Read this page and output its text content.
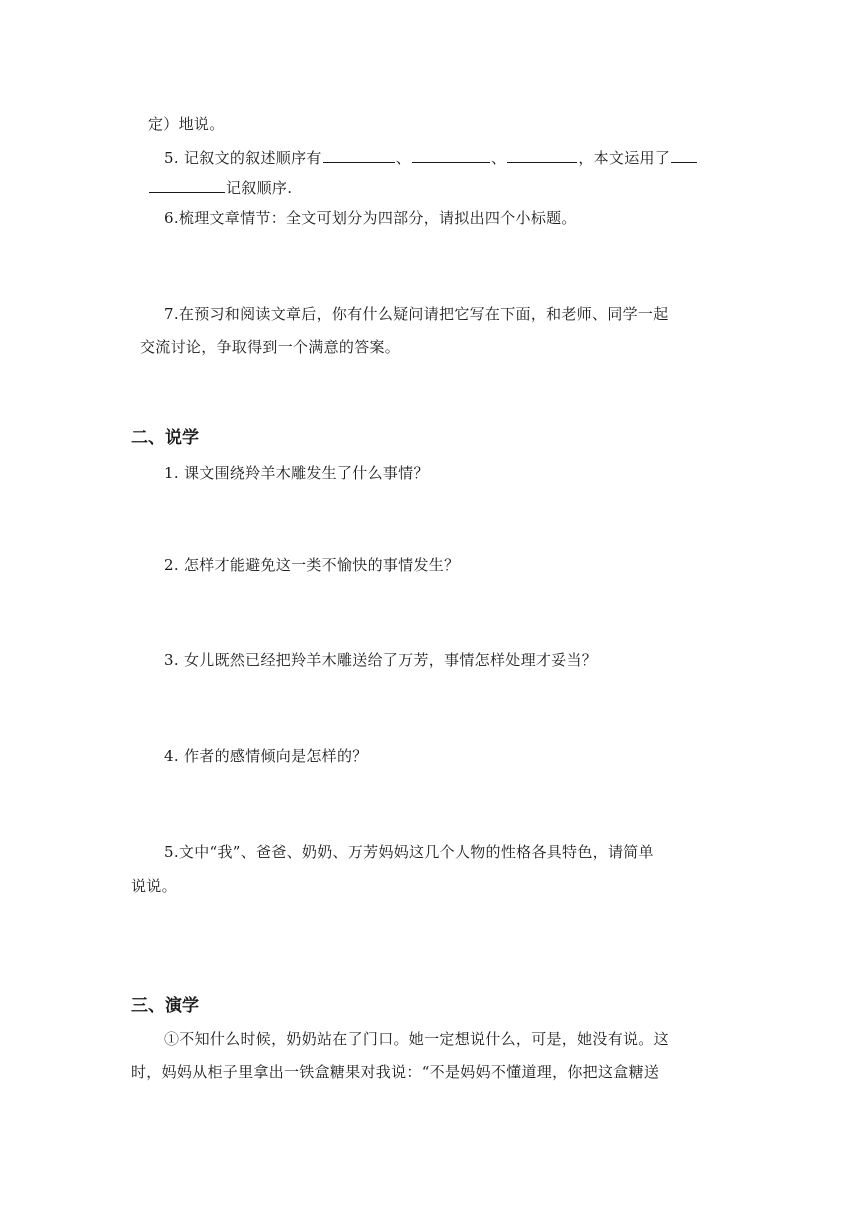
定）地说。
5. 记叙文的叙述顺序有	、	、	，本文运用了
记叙顺序.
6.梳理文章情节：全文可划分为四部分，请拟出四个小标题。
7.在预习和阅读文章后，你有什么疑问请把它写在下面，和老师、同学一起
交流讨论，争取得到一个满意的答案。
二、说学
1. 课文围绕羚羊木雕发生了什么事情？
2. 怎样才能避免这一类不愉快的事情发生？
3. 女儿既然已经把羚羊木雕送给了万芳，事情怎样处理才妥当？
4. 作者的感情倾向是怎样的？
5.文中“我”、爸爸、奶奶、万芳妈妈这几个人物的性格各具特色，请简单
说说。
三、演学
①不知什么时候，奶奶站在了门口。她一定想说什么，可是，她没有说。这
时，妈妈从柜子里拿出一铁盒糖果对我说：“不是妈妈不懂道理，你把这盒糖送
